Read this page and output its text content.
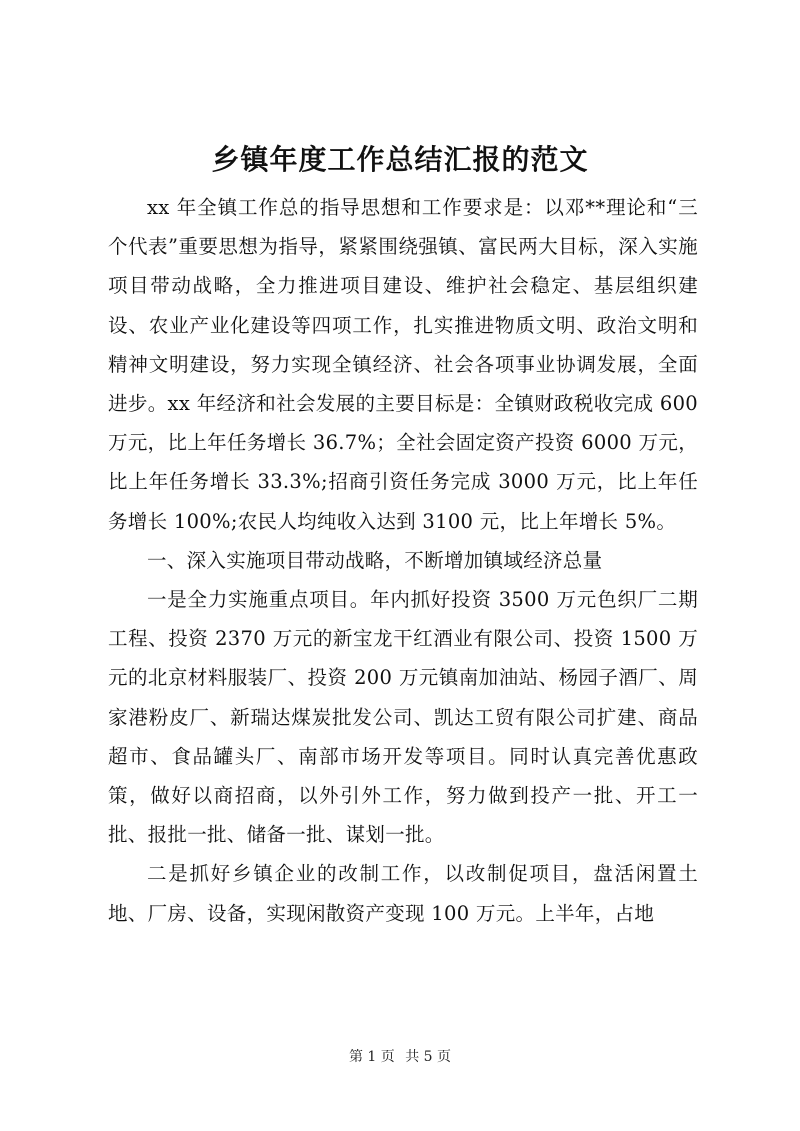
乡镇年度工作总结汇报的范文

xx 年全镇工作总的指导思想和工作要求是：以邓**理论和“三个代表”重要思想为指导，紧紧围绕强镇、富民两大目标，深入实施项目带动战略，全力推进项目建设、维护社会稳定、基层组织建设、农业产业化建设等四项工作，扎实推进物质文明、政治文明和精神文明建设，努力实现全镇经济、社会各项事业协调发展，全面进步。xx 年经济和社会发展的主要目标是：全镇财政税收完成 600 万元，比上年任务增长 36.7%；全社会固定资产投资 6000 万元，比上年任务增长 33.3%;招商引资任务完成 3000 万元，比上年任务增长 100%;农民人均纯收入达到 3100 元，比上年增长 5%。

一、深入实施项目带动战略，不断增加镇域经济总量

一是全力实施重点项目。年内抓好投资 3500 万元色织厂二期工程、投资 2370 万元的新宝龙干红酒业有限公司、投资 1500 万元的北京材料服装厂、投资 200 万元镇南加油站、杨园子酒厂、周家港粉皮厂、新瑞达煤炭批发公司、凯达工贸有限公司扩建、商品超市、食品罐头厂、南部市场开发等项目。同时认真完善优惠政策，做好以商招商，以外引外工作，努力做到投产一批、开工一批、报批一批、储备一批、谋划一批。

二是抓好乡镇企业的改制工作，以改制促项目，盘活闲置土地、厂房、设备，实现闲散资产变现 100 万元。上半年，占地

第 1 页 共 5 页
